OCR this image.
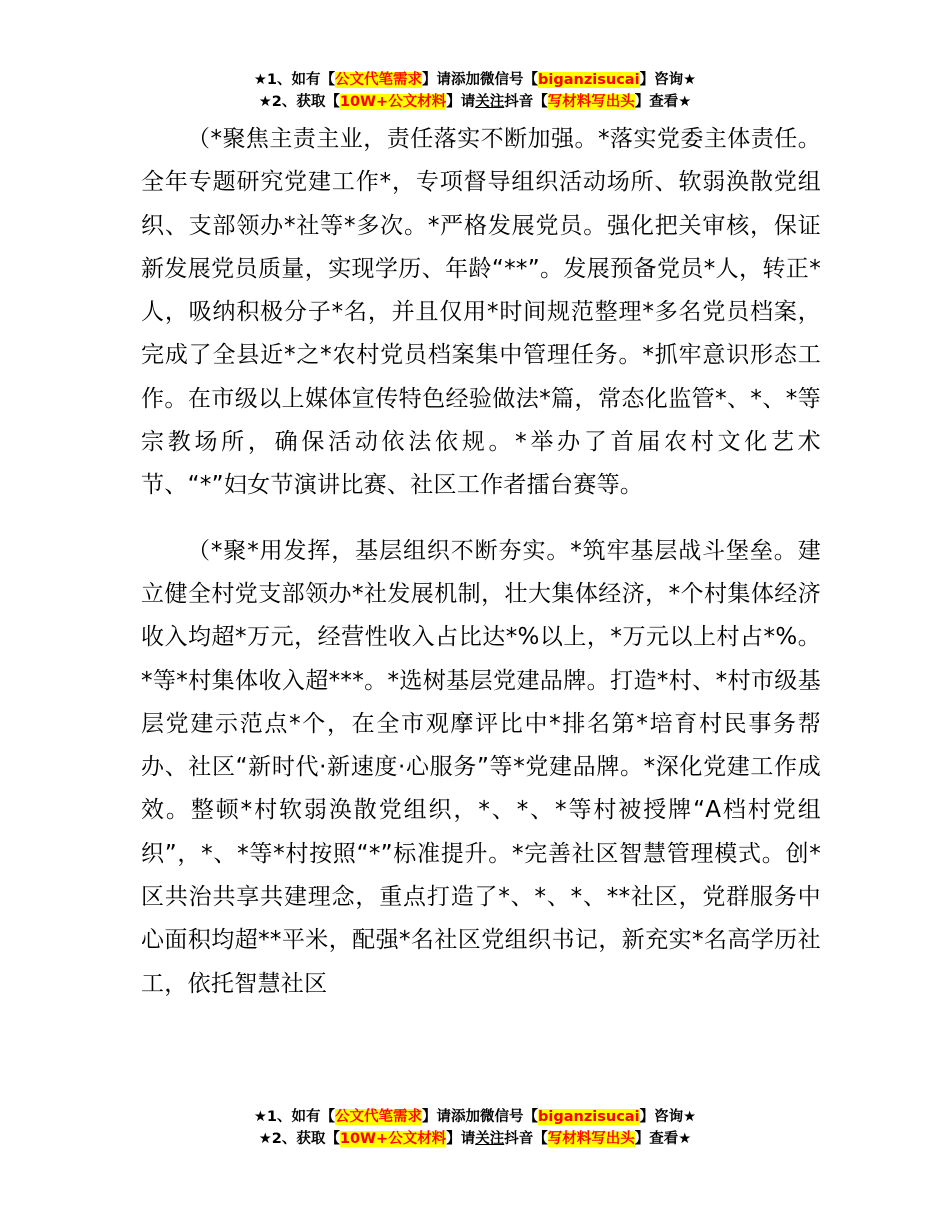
★1、如有【公文代笔需求】请添加微信号【biganzisucai】咨询★
★2、获取【10W+公文材料】请关注抖音【写材料写出头】查看★

（*聚焦主责主业，责任落实不断加强。*落实党委主体责任。全年专题研究党建工作*，专项督导组织活动场所、软弱涣散党组织、支部领办*社等*多次。*严格发展党员。强化把关审核，保证新发展党员质量，实现学历、年龄“**”。发展预备党员*人，转正*人，吸纳积极分子*名，并且仅用*时间规范整理*多名党员档案，完成了全县近*之*农村党员档案集中管理任务。*抓牢意识形态工作。在市级以上媒体宣传特色经验做法*篇，常态化监管*、*、*等宗教场所，确保活动依法依规。*举办了首届农村文化艺术节、“*”妇女节演讲比赛、社区工作者擂台赛等。

（*聚*用发挥，基层组织不断夯实。*筑牢基层战斗堡垒。建立健全村党支部领办*社发展机制，壮大集体经济，*个村集体经济收入均超*万元，经营性收入占比达*%以上，*万元以上村占*%。*等*村集体收入超***。*选树基层党建品牌。打造*村、*村市级基层党建示范点*个，在全市观摩评比中*排名第*培育村民事务帮办、社区“新时代·新速度·心服务”等*党建品牌。*深化党建工作成效。整顿*村软弱涣散党组织，*、*、*等村被授牌“A档村党组织”，*、*等*村按照“*”标准提升。*完善社区智慧管理模式。创*区共治共享共建理念，重点打造了*、*、*、**社区，党群服务中心面积均超**平米，配强*名社区党组织书记，新充实*名高学历社工，依托智慧社区

★1、如有【公文代笔需求】请添加微信号【biganzisucai】咨询★
★2、获取【10W+公文材料】请关注抖音【写材料写出头】查看★
